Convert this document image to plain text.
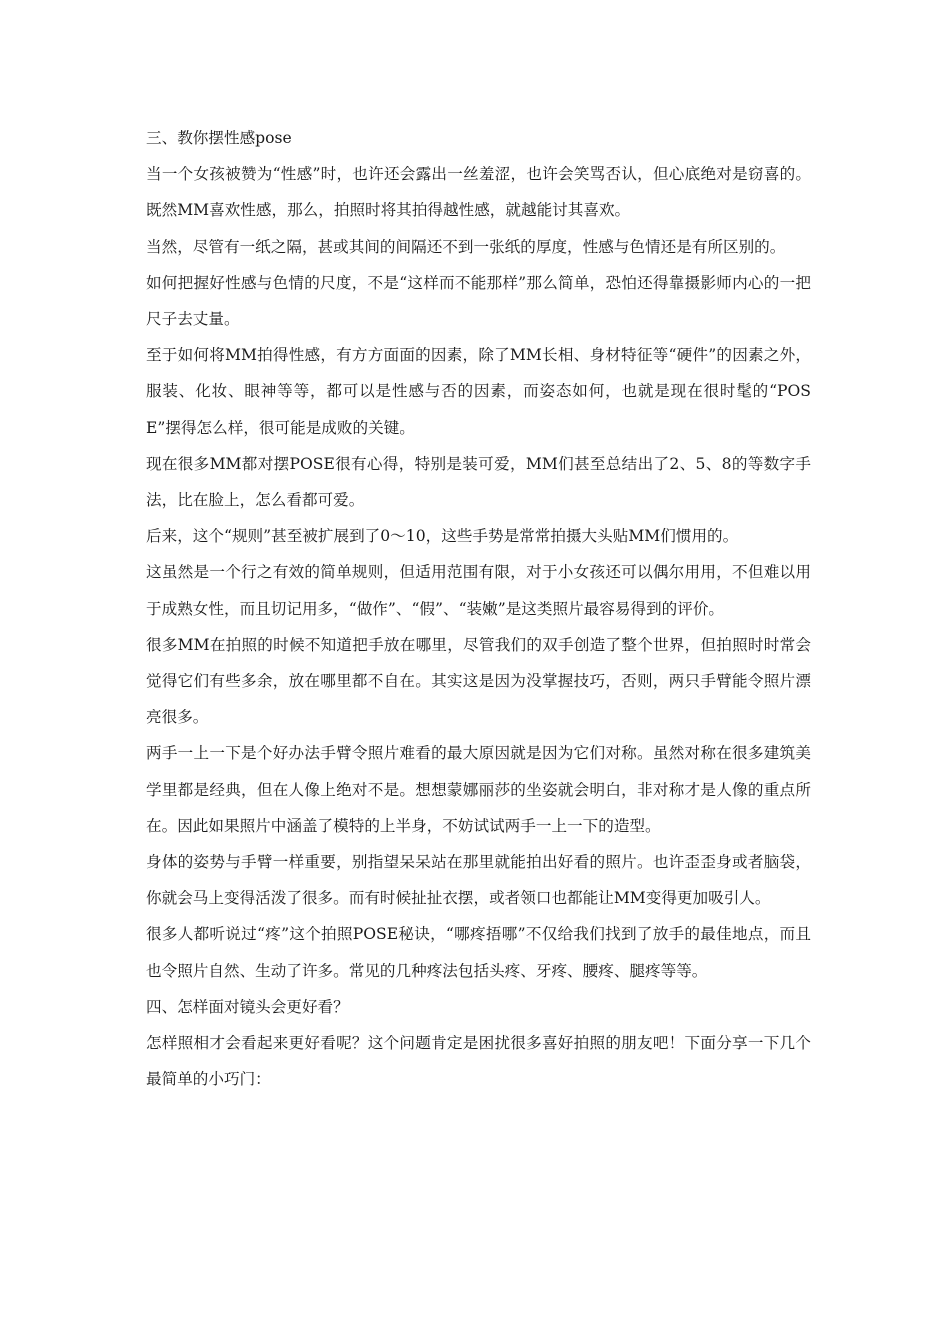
三、教你摆性感pose

当一个女孩被赞为“性感”时，也许还会露出一丝羞涩，也许会笑骂否认，但心底绝对是窃喜的。既然MM喜欢性感，那么，拍照时将其拍得越性感，就越能讨其喜欢。

当然，尽管有一纸之隔，甚或其间的间隔还不到一张纸的厚度，性感与色情还是有所区别的。

如何把握好性感与色情的尺度，不是“这样而不能那样”那么简单，恐怕还得靠摄影师内心的一把尺子去丈量。

至于如何将MM拍得性感，有方方面面的因素，除了MM长相、身材特征等“硬件”的因素之外，服装、化妆、眼神等等，都可以是性感与否的因素，而姿态如何，也就是现在很时髦的“POSE”摆得怎么样，很可能是成败的关键。

现在很多MM都对摆POSE很有心得，特别是装可爱，MM们甚至总结出了2、5、8的等数字手法，比在脸上，怎么看都可爱。

后来，这个“规则”甚至被扩展到了0～10，这些手势是常常拍摄大头贴MM们惯用的。

这虽然是一个行之有效的简单规则，但适用范围有限，对于小女孩还可以偶尔用用，不但难以用于成熟女性，而且切记用多，“做作”、“假”、“装嫩”是这类照片最容易得到的评价。

很多MM在拍照的时候不知道把手放在哪里，尽管我们的双手创造了整个世界，但拍照时时常会觉得它们有些多余，放在哪里都不自在。其实这是因为没掌握技巧，否则，两只手臂能令照片漂亮很多。

两手一上一下是个好办法手臂令照片难看的最大原因就是因为它们对称。虽然对称在很多建筑美学里都是经典，但在人像上绝对不是。想想蒙娜丽莎的坐姿就会明白，非对称才是人像的重点所在。因此如果照片中涵盖了模特的上半身，不妨试试两手一上一下的造型。

身体的姿势与手臂一样重要，别指望呆呆站在那里就能拍出好看的照片。也许歪歪身或者脑袋，你就会马上变得活泼了很多。而有时候扯扯衣摆，或者领口也都能让MM变得更加吸引人。

很多人都听说过“疼”这个拍照POSE秘诀，“哪疼捂哪”不仅给我们找到了放手的最佳地点，而且也令照片自然、生动了许多。常见的几种疼法包括头疼、牙疼、腰疼、腿疼等等。

四、怎样面对镜头会更好看？

怎样照相才会看起来更好看呢？这个问题肯定是困扰很多喜好拍照的朋友吧！下面分享一下几个最简单的小巧门：
